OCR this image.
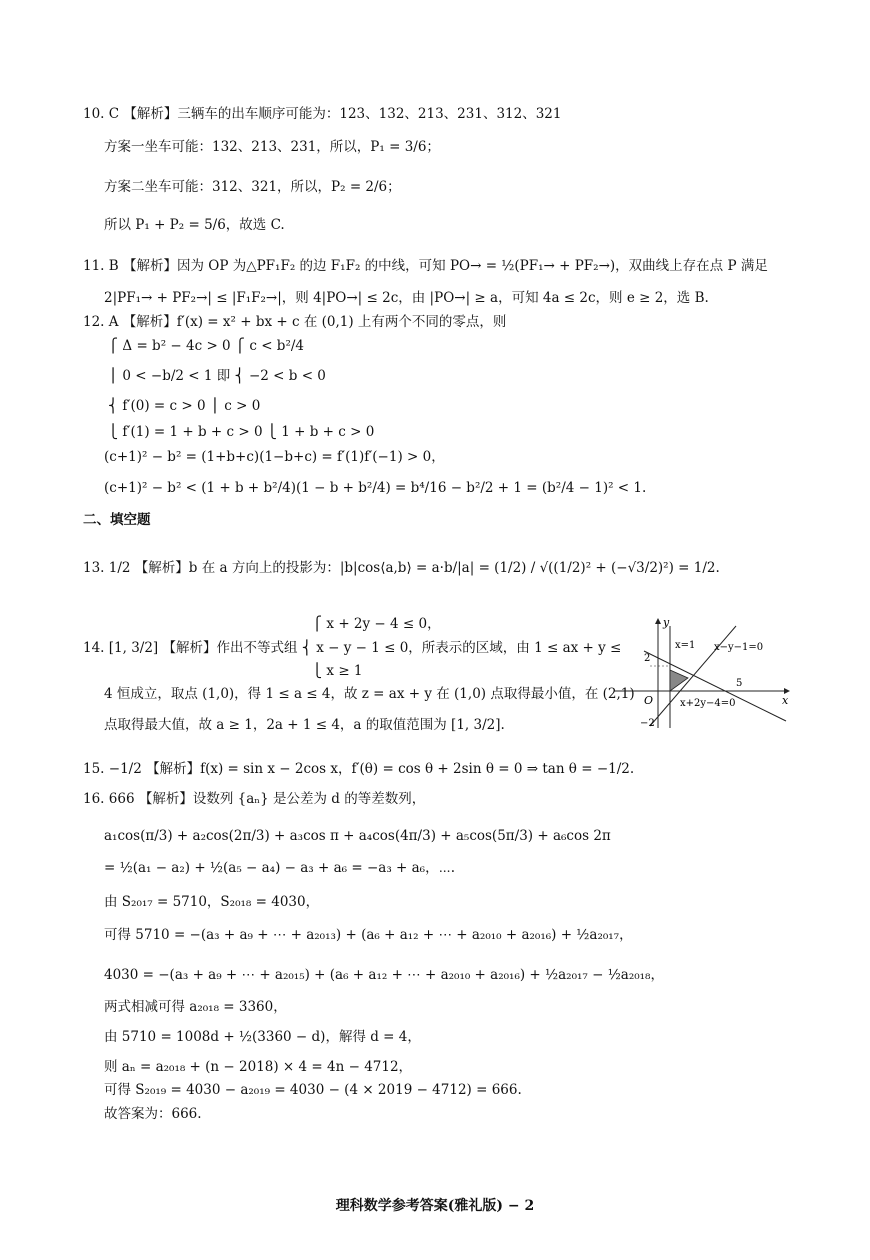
10. C 【解析】三辆车的出车顺序可能为：123、132、213、231、312、321
方案一坐车可能：132、213、231，所以，P₁ = 3/6；
方案二坐车可能：312、321，所以，P₂ = 2/6；
所以 P₁ + P₂ = 5/6，故选 C.
11. B 【解析】因为 OP 为△PF₁F₂ 的边 F₁F₂ 的中线，可知 PO→ = ½(PF₁→ + PF₂→)，双曲线上存在点 P 满足
2|PF₁→ + PF₂→| ≤ |F₁F₂→|，则 4|PO→| ≤ 2c，由 |PO→| ≥ a，可知 4a ≤ 2c，则 e ≥ 2，选 B.
12. A 【解析】f′(x) = x² + bx + c 在 (0,1) 上有两个不同的零点，则
⎧ Δ = b² − 4c > 0 ⎧ c < b²/4
⎪ 0 < −b/2 < 1 即 ⎨ −2 < b < 0
⎨ f′(0) = c > 0 ⎪ c > 0
⎩ f′(1) = 1 + b + c > 0 ⎩ 1 + b + c > 0
(c+1)² − b² = (1+b+c)(1−b+c) = f′(1)f′(−1) > 0，
(c+1)² − b² < (1 + b + b²/4)(1 − b + b²/4) = b⁴/16 − b²/2 + 1 = (b²/4 − 1)² < 1.
二、填空题
13. 1/2 【解析】b 在 a 方向上的投影为：|b|cos⟨a,b⟩ = a·b/|a| = (1/2) / √((1/2)² + (−√3/2)²) = 1/2.
⎧ x + 2y − 4 ≤ 0，
14. [1, 3/2] 【解析】作出不等式组 ⎨ x − y − 1 ≤ 0，所表示的区域，由 1 ≤ ax + y ≤
⎩ x ≥ 1
4 恒成立，取点 (1,0)，得 1 ≤ a ≤ 4，故 z = ax + y 在 (1,0) 点取得最小值，在 (2,1)
点取得最大值，故 a ≥ 1，2a + 1 ≤ 4，a 的取值范围为 [1, 3/2].
15. −1/2 【解析】f(x) = sin x − 2cos x，f′(θ) = cos θ + 2sin θ = 0 ⇒ tan θ = −1/2.
16. 666 【解析】设数列 {aₙ} 是公差为 d 的等差数列，
a₁cos(π/3) + a₂cos(2π/3) + a₃cos π + a₄cos(4π/3) + a₅cos(5π/3) + a₆cos 2π
= ½(a₁ − a₂) + ½(a₅ − a₄) − a₃ + a₆ = −a₃ + a₆，⋯.
由 S₂₀₁₇ = 5710，S₂₀₁₈ = 4030，
可得 5710 = −(a₃ + a₉ + ⋯ + a₂₀₁₃) + (a₆ + a₁₂ + ⋯ + a₂₀₁₀ + a₂₀₁₆) + ½a₂₀₁₇，
4030 = −(a₃ + a₉ + ⋯ + a₂₀₁₅) + (a₆ + a₁₂ + ⋯ + a₂₀₁₀ + a₂₀₁₆) + ½a₂₀₁₇ − ½a₂₀₁₈，
两式相减可得 a₂₀₁₈ = 3360，
由 5710 = 1008d + ½(3360 − d)，解得 d = 4，
则 aₙ = a₂₀₁₈ + (n − 2018) × 4 = 4n − 4712，
可得 S₂₀₁₉ = 4030 − a₂₀₁₉ = 4030 − (4 × 2019 − 4712) = 666.
故答案为：666.
y
x
O
x=1 x−y−1=0
x+2y−4=0
2
−2
5
理科数学参考答案(雅礼版) − 2
